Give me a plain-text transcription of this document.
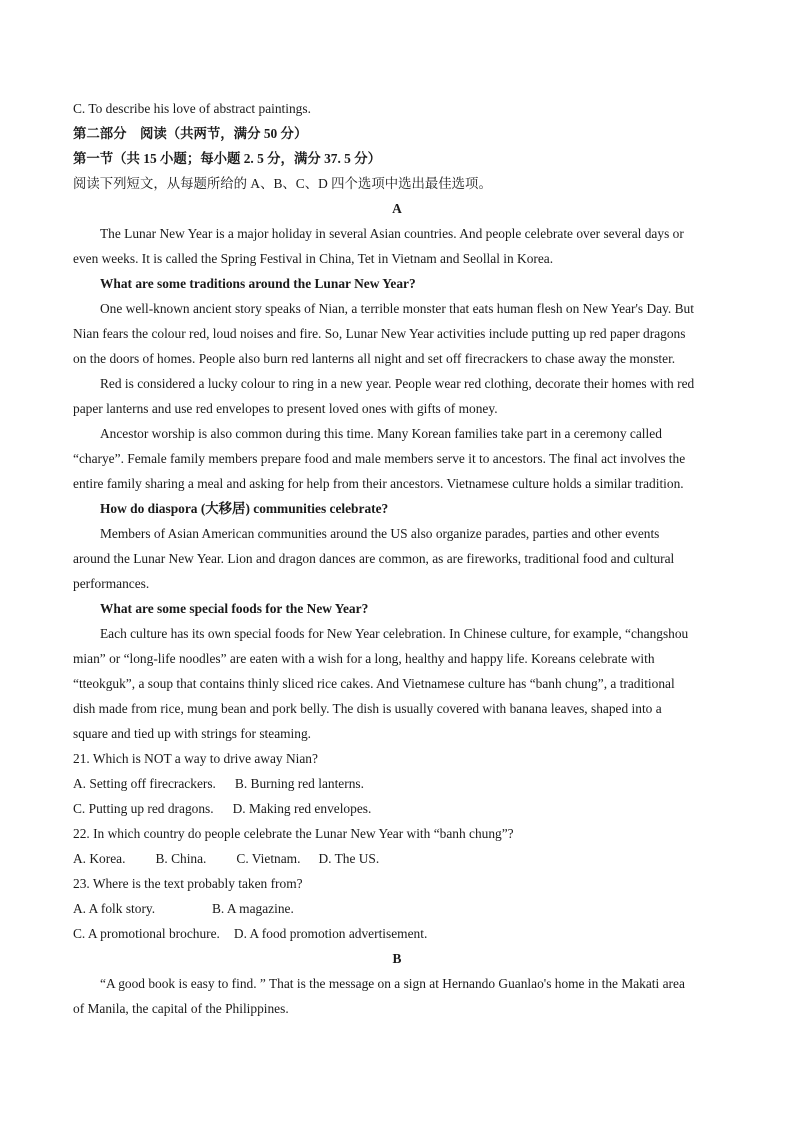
C. To describe his love of abstract paintings.
第二部分　阅读（共两节，满分 50 分）
第一节（共 15 小题；每小题 2. 5 分，满分 37. 5 分）
阅读下列短文，从每题所给的 A、B、C、D 四个选项中选出最佳选项。
A
The Lunar New Year is a major holiday in several Asian countries. And people celebrate over several days or
even weeks. It is called the Spring Festival in China, Tet in Vietnam and Seollal in Korea.
What are some traditions around the Lunar New Year?
One well-known ancient story speaks of Nian, a terrible monster that eats human flesh on New Year's Day. But
Nian fears the colour red, loud noises and fire. So, Lunar New Year activities include putting up red paper dragons
on the doors of homes. People also burn red lanterns all night and set off firecrackers to chase away the monster.
Red is considered a lucky colour to ring in a new year. People wear red clothing, decorate their homes with red
paper lanterns and use red envelopes to present loved ones with gifts of money.
Ancestor worship is also common during this time. Many Korean families take part in a ceremony called
“charye”. Female family members prepare food and male members serve it to ancestors. The final act involves the
entire family sharing a meal and asking for help from their ancestors. Vietnamese culture holds a similar tradition.
How do diaspora (大移居) communities celebrate?
Members of Asian American communities around the US also organize parades, parties and other events
around the Lunar New Year. Lion and dragon dances are common, as are fireworks, traditional food and cultural
performances.
What are some special foods for the New Year?
Each culture has its own special foods for New Year celebration. In Chinese culture, for example, “changshou
mian” or “long-life noodles” are eaten with a wish for a long, healthy and happy life. Koreans celebrate with
“tteokguk”, a soup that contains thinly sliced rice cakes. And Vietnamese culture has “banh chung”, a traditional
dish made from rice, mung bean and pork belly. The dish is usually covered with banana leaves, shaped into a
square and tied up with strings for steaming.
21. Which is NOT a way to drive away Nian?
A. Setting off firecrackers. B. Burning red lanterns.
C. Putting up red dragons. D. Making red envelopes.
22. In which country do people celebrate the Lunar New Year with “banh chung”?
A. Korea. B. China. C. Vietnam. D. The US.
23. Where is the text probably taken from?
A. A folk story.	B. A magazine.
C. A promotional brochure. D. A food promotion advertisement.
B
“A good book is easy to find. ” That is the message on a sign at Hernando Guanlao's home in the Makati area
of Manila, the capital of the Philippines.
